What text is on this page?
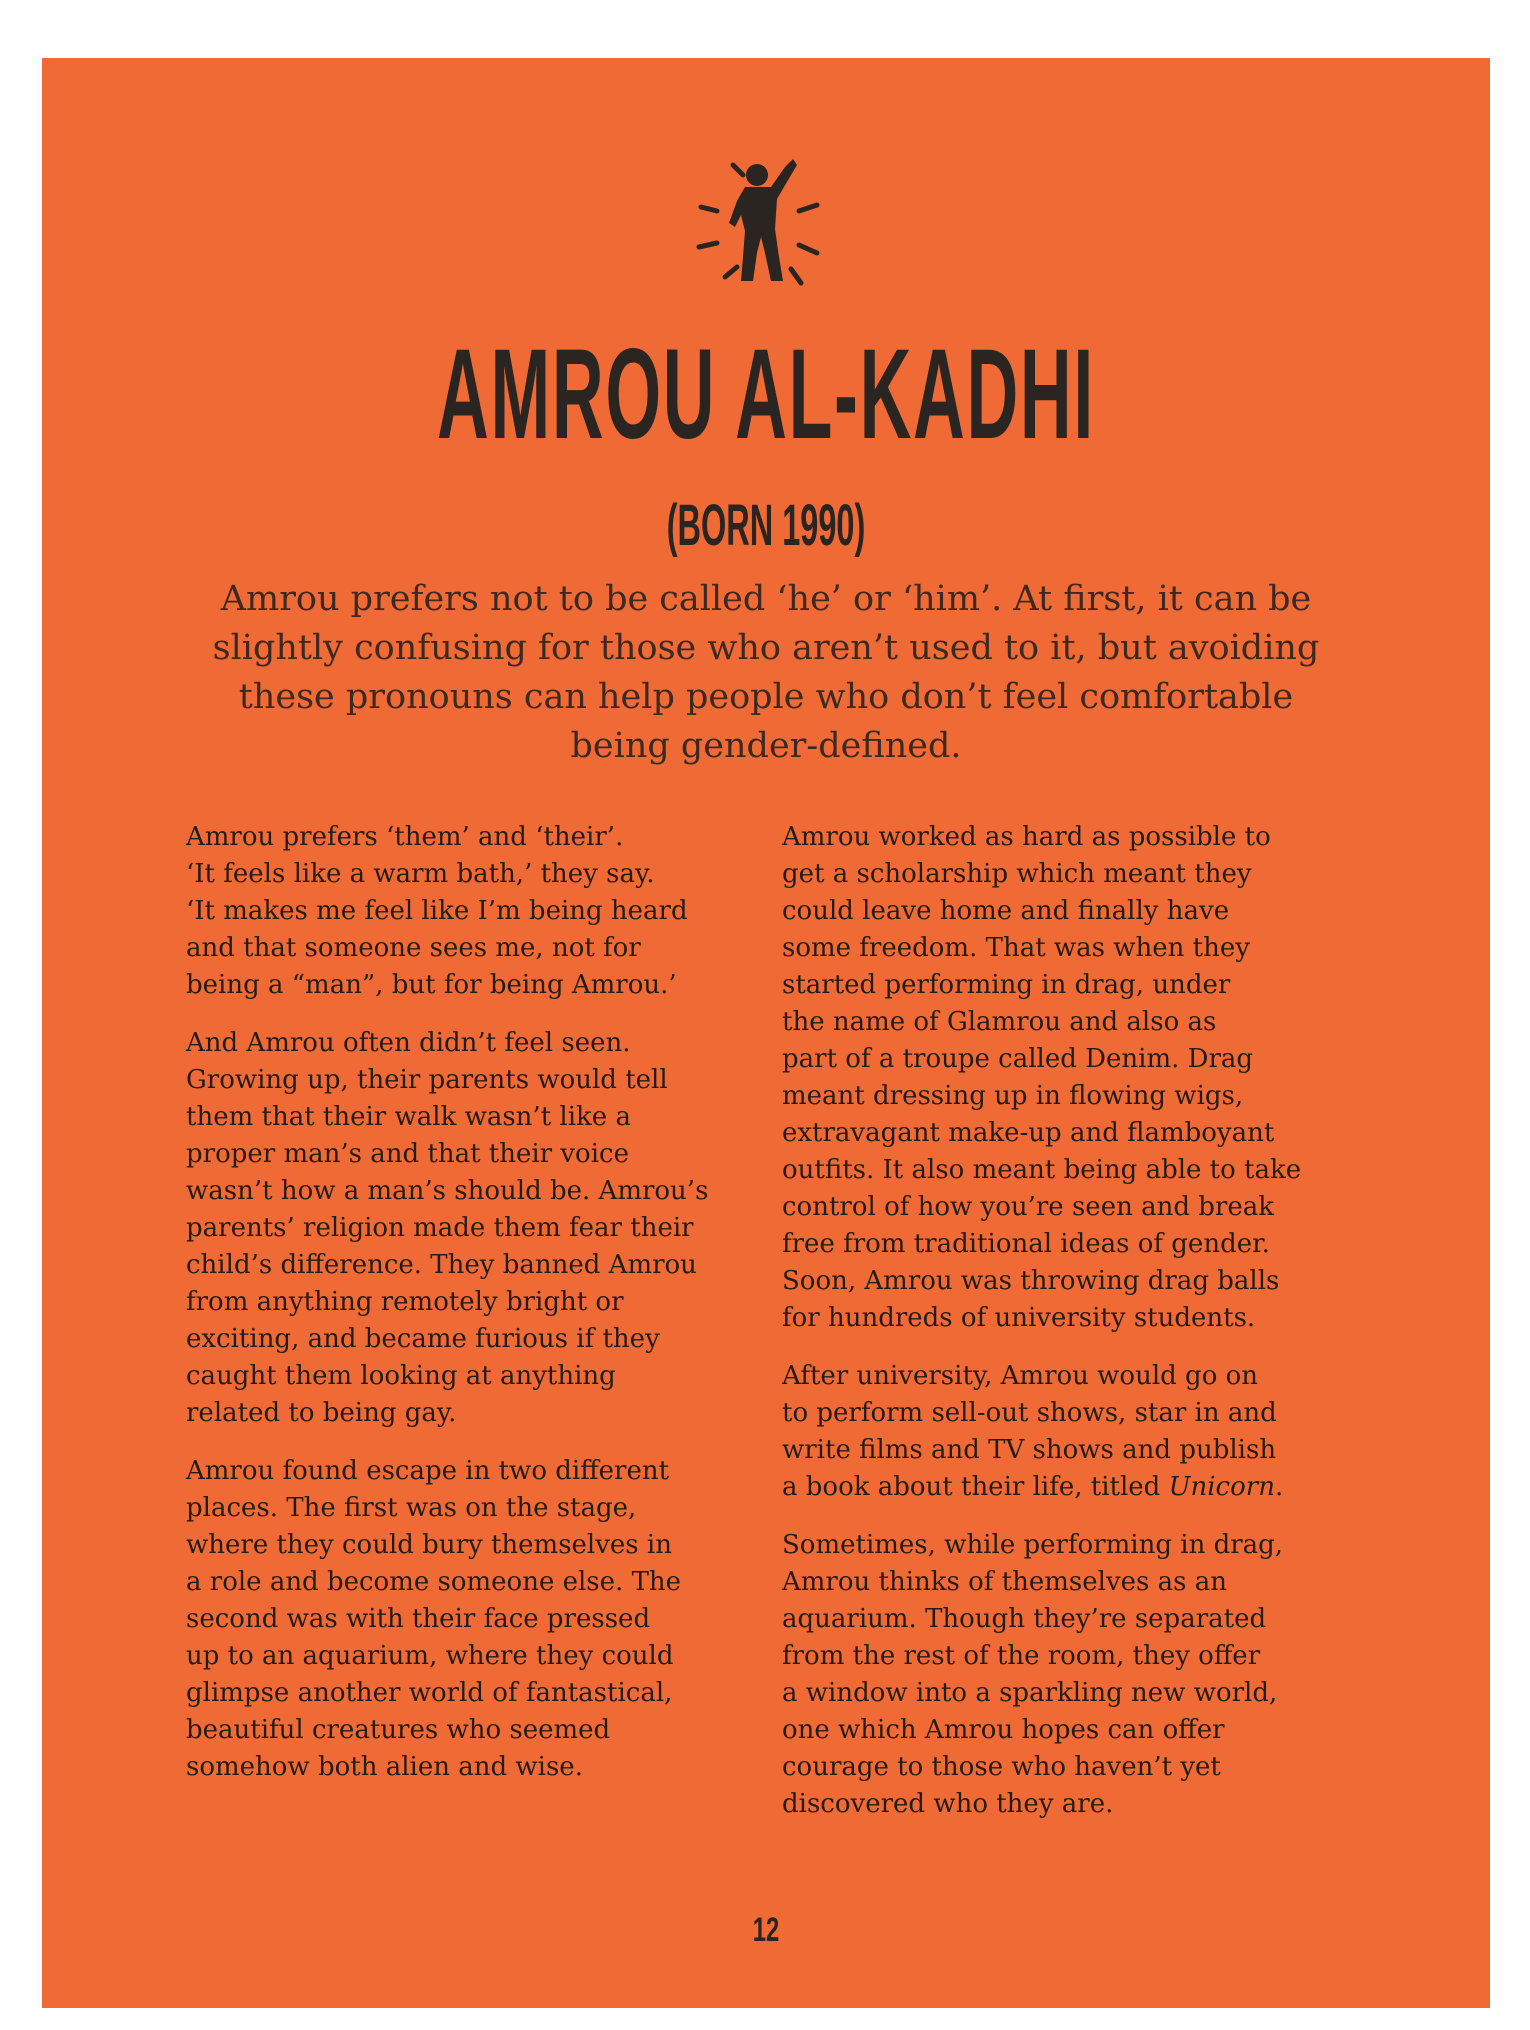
AMROU AL-KADHI
(BORN 1990)

Amrou prefers not to be called ‘he’ or ‘him’. At first, it can be slightly confusing for those who aren’t used to it, but avoiding these pronouns can help people who don’t feel comfortable being gender-defined.

Amrou prefers ‘them’ and ‘their’.
‘It feels like a warm bath,’ they say.
‘It makes me feel like I’m being heard
and that someone sees me, not for
being a “man”, but for being Amrou.’

And Amrou often didn’t feel seen.
Growing up, their parents would tell
them that their walk wasn’t like a
proper man’s and that their voice
wasn’t how a man’s should be. Amrou’s
parents’ religion made them fear their
child’s difference. They banned Amrou
from anything remotely bright or
exciting, and became furious if they
caught them looking at anything
related to being gay.

Amrou found escape in two different
places. The first was on the stage,
where they could bury themselves in
a role and become someone else. The
second was with their face pressed
up to an aquarium, where they could
glimpse another world of fantastical,
beautiful creatures who seemed
somehow both alien and wise.

Amrou worked as hard as possible to
get a scholarship which meant they
could leave home and finally have
some freedom. That was when they
started performing in drag, under
the name of Glamrou and also as
part of a troupe called Denim. Drag
meant dressing up in flowing wigs,
extravagant make-up and flamboyant
outfits. It also meant being able to take
control of how you’re seen and break
free from traditional ideas of gender.
Soon, Amrou was throwing drag balls
for hundreds of university students.

After university, Amrou would go on
to perform sell-out shows, star in and
write films and TV shows and publish
a book about their life, titled Unicorn.

Sometimes, while performing in drag,
Amrou thinks of themselves as an
aquarium. Though they’re separated
from the rest of the room, they offer
a window into a sparkling new world,
one which Amrou hopes can offer
courage to those who haven’t yet
discovered who they are.

12
